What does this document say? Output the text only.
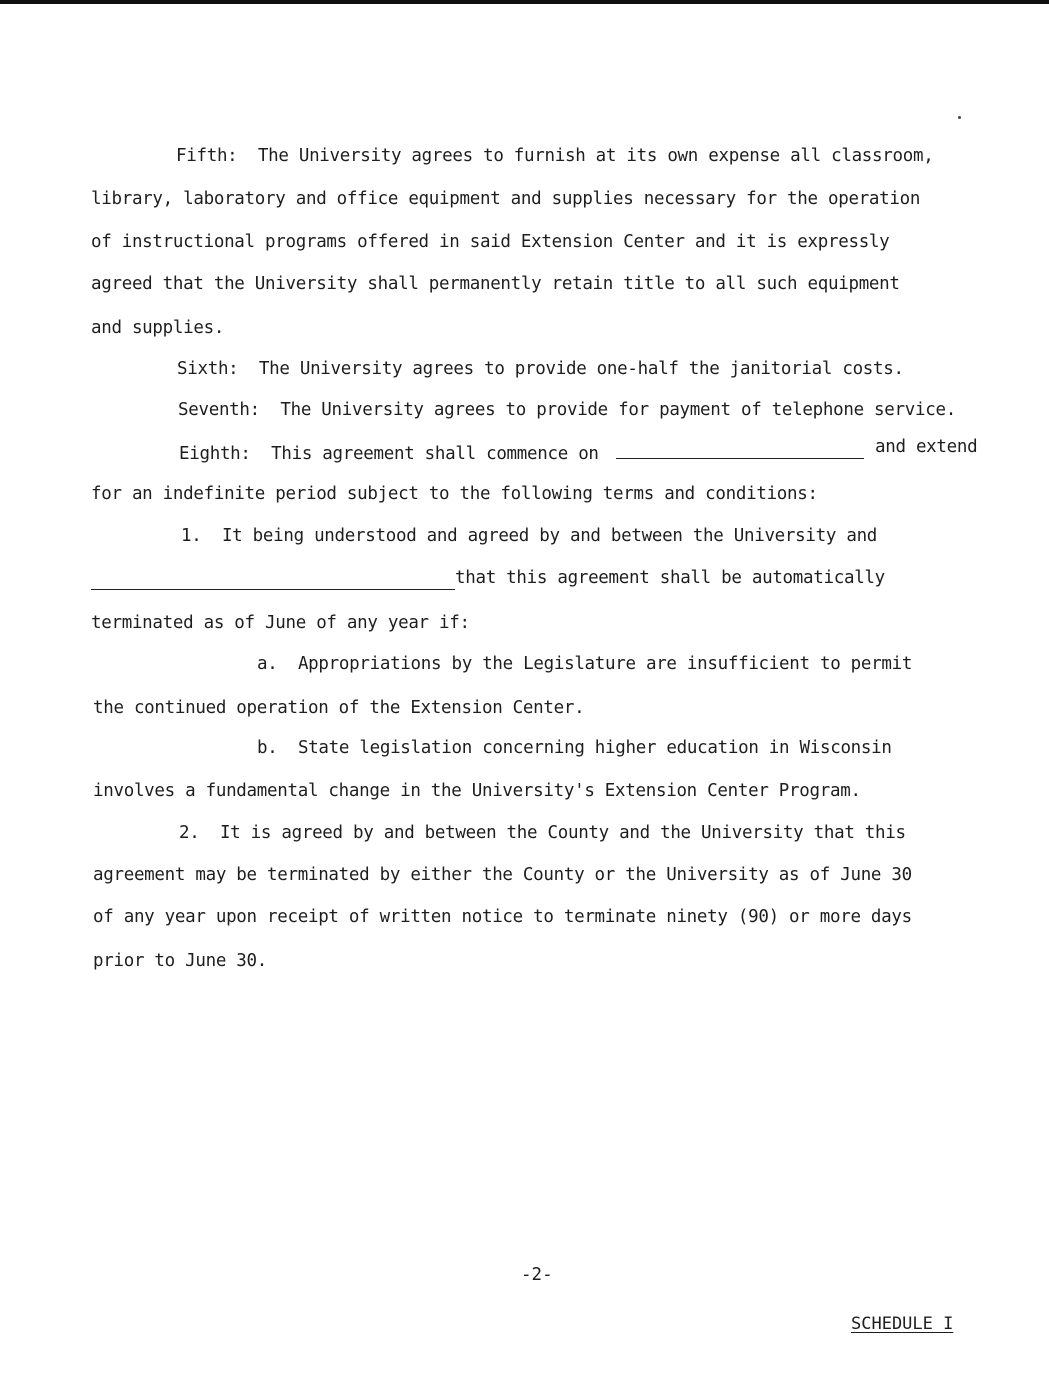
Fifth:  The University agrees to furnish at its own expense all classroom,
library, laboratory and office equipment and supplies necessary for the operation
of instructional programs offered in said Extension Center and it is expressly
agreed that the University shall permanently retain title to all such equipment
and supplies.
Sixth:  The University agrees to provide one-half the janitorial costs.
Seventh:  The University agrees to provide for payment of telephone service.
Eighth:  This agreement shall commence on	and extend
for an indefinite period subject to the following terms and conditions:
1.  It being understood and agreed by and between the University and
that this agreement shall be automatically
terminated as of June of any year if:
a.  Appropriations by the Legislature are insufficient to permit
the continued operation of the Extension Center.
b.  State legislation concerning higher education in Wisconsin
involves a fundamental change in the University's Extension Center Program.
2.  It is agreed by and between the County and the University that this
agreement may be terminated by either the County or the University as of June 30
of any year upon receipt of written notice to terminate ninety (90) or more days
prior to June 30.
-2-
SCHEDULE I
